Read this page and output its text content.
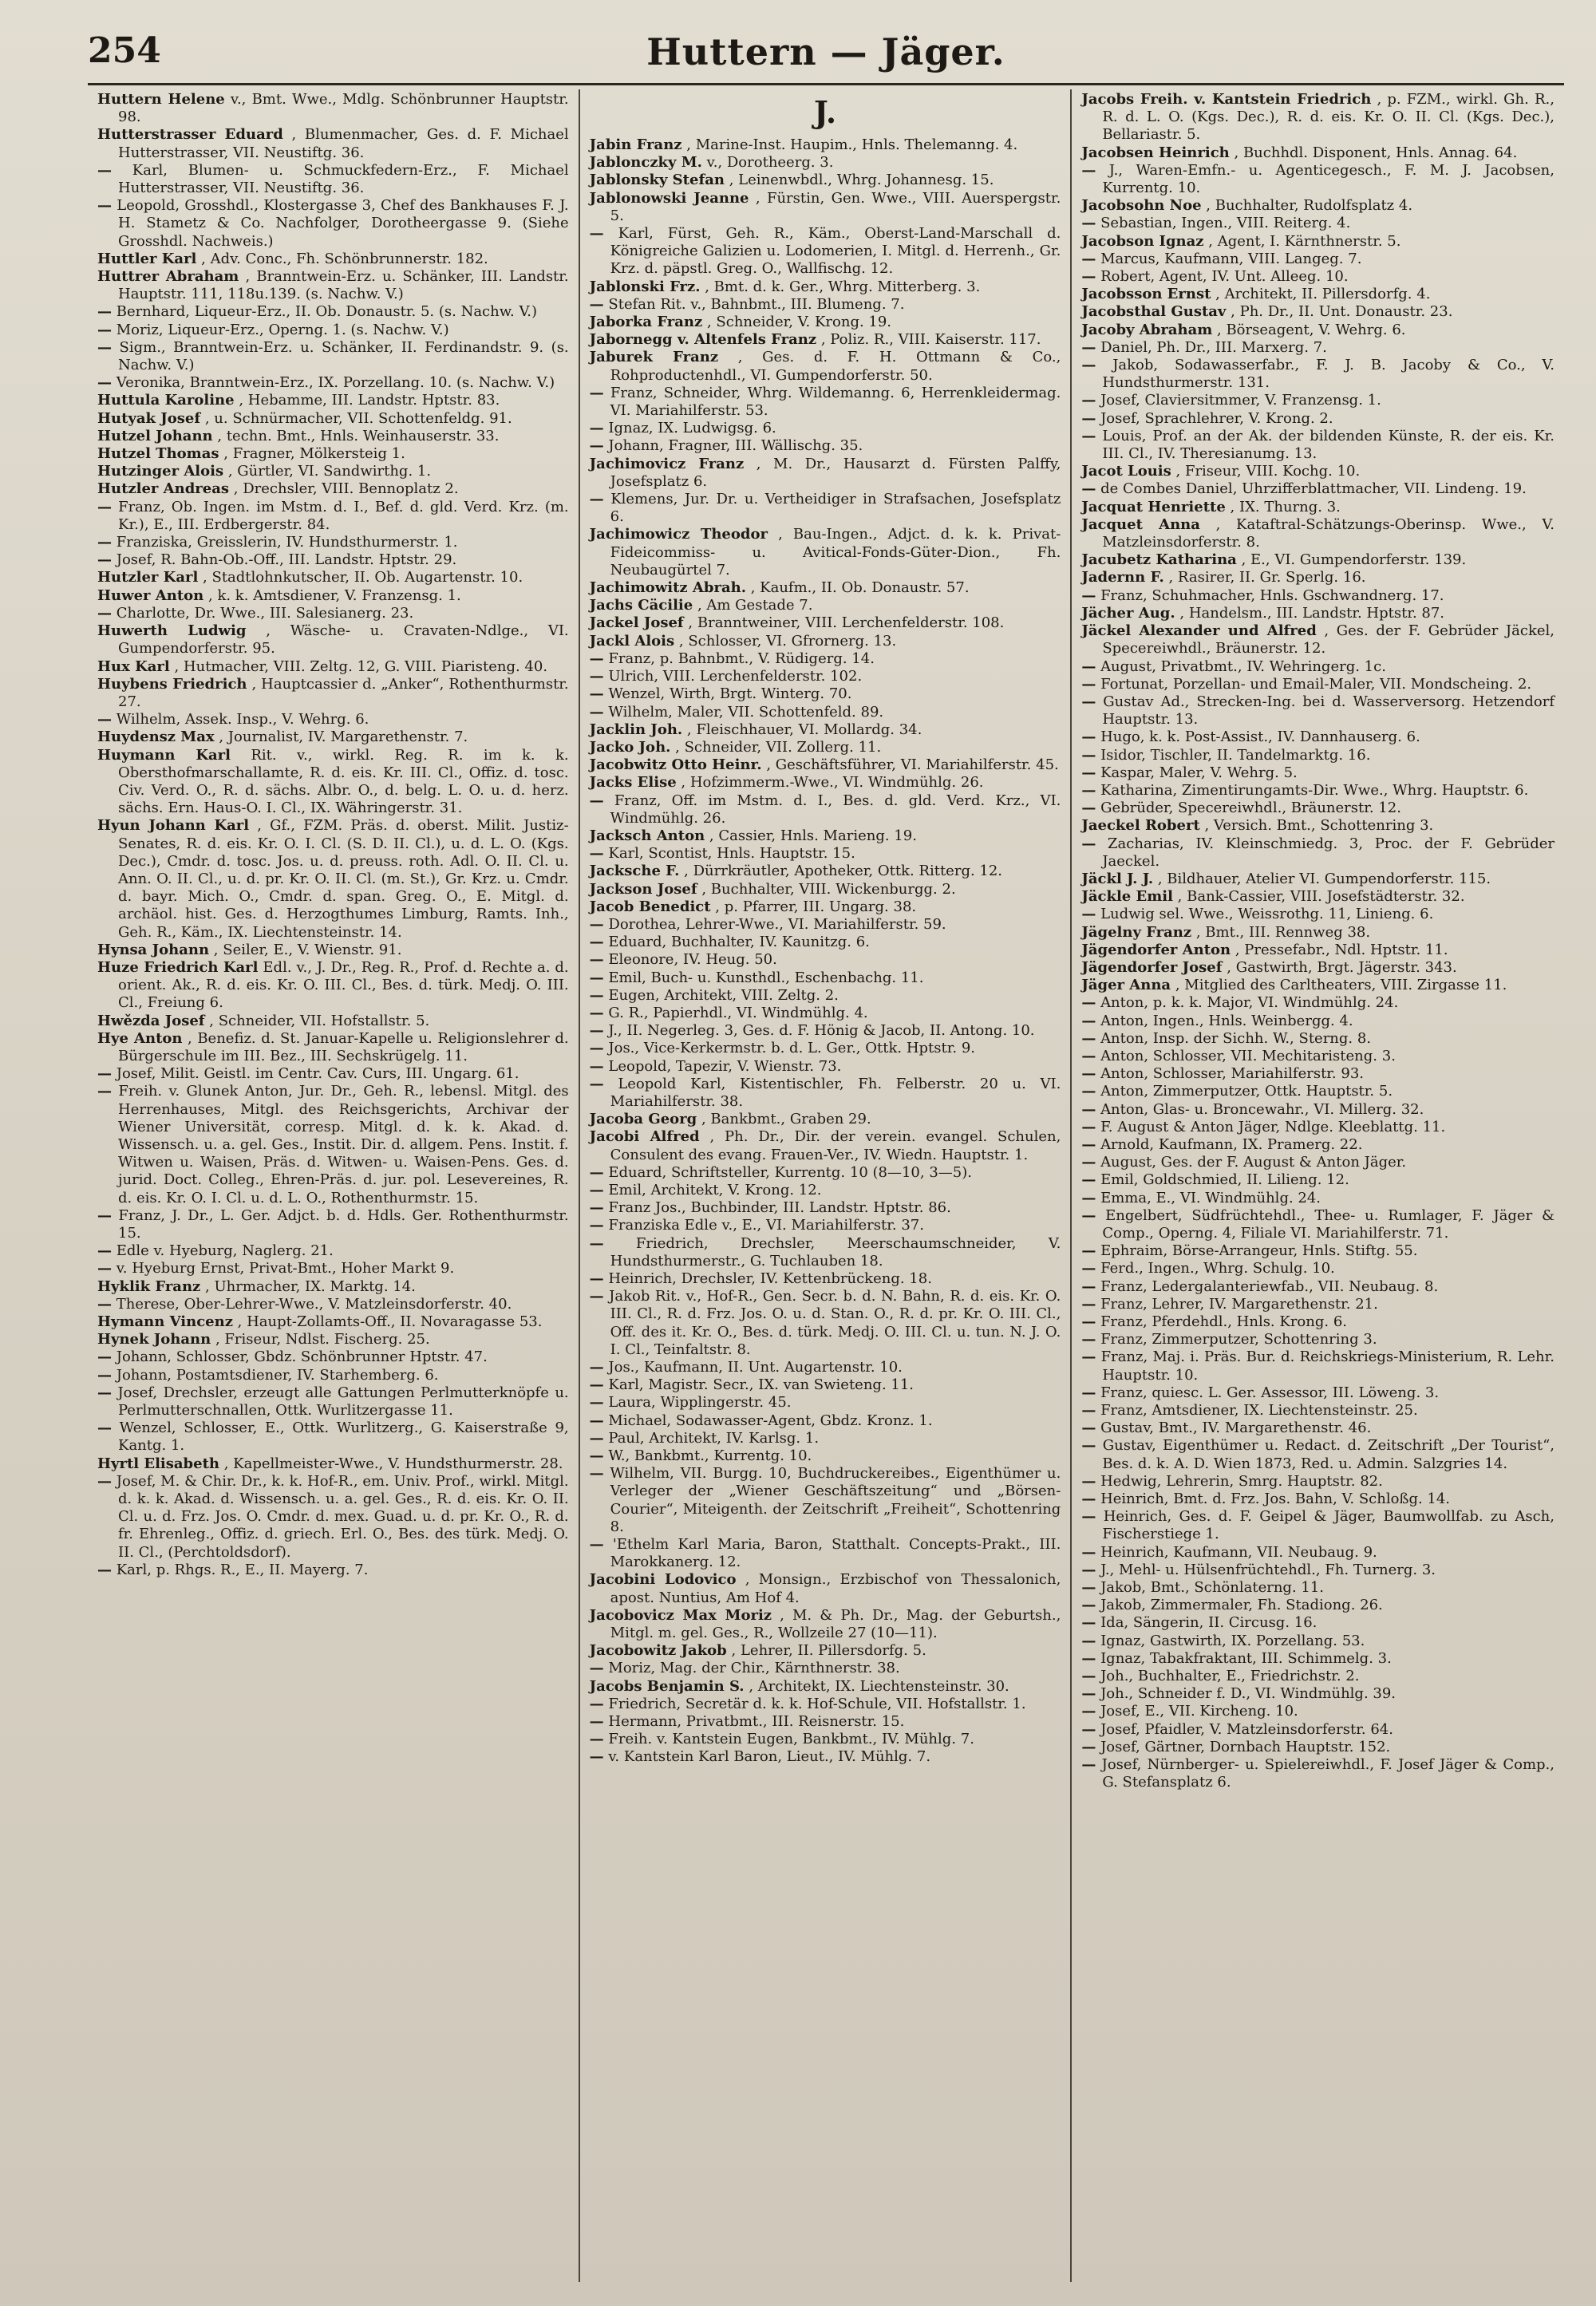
254	Huttern — Jäger.

Huttern Helene v., Bmt. Wwe., Mdlg. Schönbrunner Hauptstr. 98.

Hutterstrasser Eduard , Blumenmacher, Ges. d. F. Michael Hutterstrasser, VII. Neustiftg. 36.

— Karl, Blumen- u. Schmuckfedern-Erz., F. Michael Hutterstrasser, VII. Neustiftg. 36.

— Leopold, Grosshdl., Klostergasse 3, Chef des Bankhauses F. J. H. Stametz & Co. Nachfolger, Dorotheergasse 9. (Siehe Grosshdl. Nachweis.)

Huttler Karl , Adv. Conc., Fh. Schönbrunnerstr. 182.

Huttrer Abraham , Branntwein-Erz. u. Schänker, III. Landstr. Hauptstr. 111, 118u.139. (s. Nachw. V.)

— Bernhard, Liqueur-Erz., II. Ob. Donaustr. 5. (s. Nachw. V.)

— Moriz, Liqueur-Erz., Operng. 1. (s. Nachw. V.)

— Sigm., Branntwein-Erz. u. Schänker, II. Ferdinandstr. 9. (s. Nachw. V.)

— Veronika, Branntwein-Erz., IX. Porzellang. 10. (s. Nachw. V.)

Huttula Karoline , Hebamme, III. Landstr. Hptstr. 83.

Hutyak Josef , u. Schnürmacher, VII. Schottenfeldg. 91.

Hutzel Johann , techn. Bmt., Hnls. Weinhauserstr. 33.

Hutzel Thomas , Fragner, Mölkersteig 1.

Hutzinger Alois , Gürtler, VI. Sandwirthg. 1.

Hutzler Andreas , Drechsler, VIII. Bennoplatz 2.

— Franz, Ob. Ingen. im Mstm. d. I., Bef. d. gld. Verd. Krz. (m. Kr.), E., III. Erdbergerstr. 84.

— Franziska, Greisslerin, IV. Hundsthurmerstr. 1.

— Josef, R. Bahn-Ob.-Off., III. Landstr. Hptstr. 29.

Hutzler Karl , Stadtlohnkutscher, II. Ob. Augartenstr. 10.

Huwer Anton , k. k. Amtsdiener, V. Franzensg. 1.

— Charlotte, Dr. Wwe., III. Salesianerg. 23.

Huwerth Ludwig , Wäsche- u. Cravaten-Ndlge., VI. Gumpendorferstr. 95.

Hux Karl , Hutmacher, VIII. Zeltg. 12, G. VIII. Piaristeng. 40.

Huybens Friedrich , Hauptcassier d. „Anker“, Rothenthurmstr. 27.

— Wilhelm, Assek. Insp., V. Wehrg. 6.

Huydensz Max , Journalist, IV. Margarethenstr. 7.

Huymann Karl Rit. v., wirkl. Reg. R. im k. k. Obersthofmarschallamte, R. d. eis. Kr. III. Cl., Offiz. d. tosc. Civ. Verd. O., R. d. sächs. Albr. O., d. belg. L. O. u. d. herz. sächs. Ern. Haus-O. I. Cl., IX. Währingerstr. 31.

Hyun Johann Karl , Gf., FZM. Präs. d. oberst. Milit. Justiz-Senates, R. d. eis. Kr. O. I. Cl. (S. D. II. Cl.), u. d. L. O. (Kgs. Dec.), Cmdr. d. tosc. Jos. u. d. preuss. roth. Adl. O. II. Cl. u. Ann. O. II. Cl., u. d. pr. Kr. O. II. Cl. (m. St.), Gr. Krz. u. Cmdr. d. bayr. Mich. O., Cmdr. d. span. Greg. O., E. Mitgl. d. archäol. hist. Ges. d. Herzogthumes Limburg, Ramts. Inh., Geh. R., Käm., IX. Liechtensteinstr. 14.

Hynsa Johann , Seiler, E., V. Wienstr. 91.

Huze Friedrich Karl Edl. v., J. Dr., Reg. R., Prof. d. Rechte a. d. orient. Ak., R. d. eis. Kr. O. III. Cl., Bes. d. türk. Medj. O. III. Cl., Freiung 6.

Hwězda Josef , Schneider, VII. Hofstallstr. 5.

Hye Anton , Benefiz. d. St. Januar-Kapelle u. Religionslehrer d. Bürgerschule im III. Bez., III. Sechskrügelg. 11.

— Josef, Milit. Geistl. im Centr. Cav. Curs, III. Ungarg. 61.

— Freih. v. Glunek Anton, Jur. Dr., Geh. R., lebensl. Mitgl. des Herrenhauses, Mitgl. des Reichsgerichts, Archivar der Wiener Universität, corresp. Mitgl. d. k. k. Akad. d. Wissensch. u. a. gel. Ges., Instit. Dir. d. allgem. Pens. Instit. f. Witwen u. Waisen, Präs. d. Witwen- u. Waisen-Pens. Ges. d. jurid. Doct. Colleg., Ehren-Präs. d. jur. pol. Lesevereines, R. d. eis. Kr. O. I. Cl. u. d. L. O., Rothenthurmstr. 15.

— Franz, J. Dr., L. Ger. Adjct. b. d. Hdls. Ger. Rothenthurmstr. 15.

— Edle v. Hyeburg, Naglerg. 21.

— v. Hyeburg Ernst, Privat-Bmt., Hoher Markt 9.

Hyklik Franz , Uhrmacher, IX. Marktg. 14.

— Therese, Ober-Lehrer-Wwe., V. Matzleinsdorferstr. 40.

Hymann Vincenz , Haupt-Zollamts-Off., II. Novaragasse 53.

Hynek Johann , Friseur, Ndlst. Fischerg. 25.

— Johann, Schlosser, Gbdz. Schönbrunner Hptstr. 47.

— Johann, Postamtsdiener, IV. Starhemberg. 6.

— Josef, Drechsler, erzeugt alle Gattungen Perlmutterknöpfe u. Perlmutterschnallen, Ottk. Wurlitzergasse 11.

— Wenzel, Schlosser, E., Ottk. Wurlitzerg., G. Kaiserstraße 9, Kantg. 1.

Hyrtl Elisabeth , Kapellmeister-Wwe., V. Hundsthurmerstr. 28.

— Josef, M. & Chir. Dr., k. k. Hof-R., em. Univ. Prof., wirkl. Mitgl. d. k. k. Akad. d. Wissensch. u. a. gel. Ges., R. d. eis. Kr. O. II. Cl. u. d. Frz. Jos. O. Cmdr. d. mex. Guad. u. d. pr. Kr. O., R. d. fr. Ehrenleg., Offiz. d. griech. Erl. O., Bes. des türk. Medj. O. II. Cl., (Perchtoldsdorf).

— Karl, p. Rhgs. R., E., II. Mayerg. 7.

J.

Jabin Franz , Marine-Inst. Haupim., Hnls. Thelemanng. 4.

Jablonczky M. v., Dorotheerg. 3.

Jablonsky Stefan , Leinenwbdl., Whrg. Johannesg. 15.

Jablonowski Jeanne , Fürstin, Gen. Wwe., VIII. Auerspergstr. 5.

— Karl, Fürst, Geh. R., Käm., Oberst-Land-Marschall d. Königreiche Galizien u. Lodomerien, I. Mitgl. d. Herrenh., Gr. Krz. d. päpstl. Greg. O., Wallfischg. 12.

Jablonski Frz. , Bmt. d. k. Ger., Whrg. Mitterberg. 3.

— Stefan Rit. v., Bahnbmt., III. Blumeng. 7.

Jaborka Franz , Schneider, V. Krong. 19.

Jabornegg v. Altenfels Franz , Poliz. R., VIII. Kaiserstr. 117.

Jaburek Franz , Ges. d. F. H. Ottmann & Co., Rohproductenhdl., VI. Gumpendorferstr. 50.

— Franz, Schneider, Whrg. Wildemanng. 6, Herrenkleidermag. VI. Mariahilferstr. 53.

— Ignaz, IX. Ludwigsg. 6.

— Johann, Fragner, III. Wällischg. 35.

Jachimovicz Franz , M. Dr., Hausarzt d. Fürsten Palffy, Josefsplatz 6.

— Klemens, Jur. Dr. u. Vertheidiger in Strafsachen, Josefsplatz 6.

Jachimowicz Theodor , Bau-Ingen., Adjct. d. k. k. Privat-Fideicommiss- u. Avitical-Fonds-Güter-Dion., Fh. Neubaugürtel 7.

Jachimowitz Abrah. , Kaufm., II. Ob. Donaustr. 57.

Jachs Cäcilie , Am Gestade 7.

Jackel Josef , Branntweiner, VIII. Lerchenfelderstr. 108.

Jackl Alois , Schlosser, VI. Gfrornerg. 13.

— Franz, p. Bahnbmt., V. Rüdigerg. 14.

— Ulrich, VIII. Lerchenfelderstr. 102.

— Wenzel, Wirth, Brgt. Winterg. 70.

— Wilhelm, Maler, VII. Schottenfeld. 89.

Jacklin Joh. , Fleischhauer, VI. Mollardg. 34.

Jacko Joh. , Schneider, VII. Zollerg. 11.

Jacobwitz Otto Heinr. , Geschäftsführer, VI. Mariahilferstr. 45.

Jacks Elise , Hofzimmerm.-Wwe., VI. Windmühlg. 26.

— Franz, Off. im Mstm. d. I., Bes. d. gld. Verd. Krz., VI. Windmühlg. 26.

Jacksch Anton , Cassier, Hnls. Marieng. 19.

— Karl, Scontist, Hnls. Hauptstr. 15.

Jacksche F. , Dürrkräutler, Apotheker, Ottk. Ritterg. 12.

Jackson Josef , Buchhalter, VIII. Wickenburgg. 2.

Jacob Benedict , p. Pfarrer, III. Ungarg. 38.

— Dorothea, Lehrer-Wwe., VI. Mariahilferstr. 59.

— Eduard, Buchhalter, IV. Kaunitzg. 6.

— Eleonore, IV. Heug. 50.

— Emil, Buch- u. Kunsthdl., Eschenbachg. 11.

— Eugen, Architekt, VIII. Zeltg. 2.

— G. R., Papierhdl., VI. Windmühlg. 4.

— J., II. Negerleg. 3, Ges. d. F. Hönig & Jacob, II. Antong. 10.

— Jos., Vice-Kerkermstr. b. d. L. Ger., Ottk. Hptstr. 9.

— Leopold, Tapezir, V. Wienstr. 73.

— Leopold Karl, Kistentischler, Fh. Felberstr. 20 u. VI. Mariahilferstr. 38.

Jacoba Georg , Bankbmt., Graben 29.

Jacobi Alfred , Ph. Dr., Dir. der verein. evangel. Schulen, Consulent des evang. Frauen-Ver., IV. Wiedn. Hauptstr. 1.

— Eduard, Schriftsteller, Kurrentg. 10 (8—10, 3—5).

— Emil, Architekt, V. Krong. 12.

— Franz Jos., Buchbinder, III. Landstr. Hptstr. 86.

— Franziska Edle v., E., VI. Mariahilferstr. 37.

— Friedrich, Drechsler, Meerschaumschneider, V. Hundsthurmerstr., G. Tuchlauben 18.

— Heinrich, Drechsler, IV. Kettenbrückeng. 18.

— Jakob Rit. v., Hof-R., Gen. Secr. b. d. N. Bahn, R. d. eis. Kr. O. III. Cl., R. d. Frz. Jos. O. u. d. Stan. O., R. d. pr. Kr. O. III. Cl., Off. des it. Kr. O., Bes. d. türk. Medj. O. III. Cl. u. tun. N. J. O. I. Cl., Teinfaltstr. 8.

— Jos., Kaufmann, II. Unt. Augartenstr. 10.

— Karl, Magistr. Secr., IX. van Swieteng. 11.

— Laura, Wipplingerstr. 45.

— Michael, Sodawasser-Agent, Gbdz. Kronz. 1.

— Paul, Architekt, IV. Karlsg. 1.

— W., Bankbmt., Kurrentg. 10.

— Wilhelm, VII. Burgg. 10, Buchdruckereibes., Eigenthümer u. Verleger der „Wiener Geschäftszeitung“ und „Börsen-Courier“, Miteigenth. der Zeitschrift „Freiheit“, Schottenring 8.

— 'Ethelm Karl Maria, Baron, Statthalt. Concepts-Prakt., III. Marokkanerg. 12.

Jacobini Lodovico , Monsign., Erzbischof von Thessalonich, apost. Nuntius, Am Hof 4.

Jacobovicz Max Moriz , M. & Ph. Dr., Mag. der Geburtsh., Mitgl. m. gel. Ges., R., Wollzeile 27 (10—11).

Jacobowitz Jakob , Lehrer, II. Pillersdorfg. 5.

— Moriz, Mag. der Chir., Kärnthnerstr. 38.

Jacobs Benjamin S. , Architekt, IX. Liechtensteinstr. 30.

— Friedrich, Secretär d. k. k. Hof-Schule, VII. Hofstallstr. 1.

— Hermann, Privatbmt., III. Reisnerstr. 15.

— Freih. v. Kantstein Eugen, Bankbmt., IV. Mühlg. 7.

— v. Kantstein Karl Baron, Lieut., IV. Mühlg. 7.

Jacobs Freih. v. Kantstein Friedrich , p. FZM., wirkl. Gh. R., R. d. L. O. (Kgs. Dec.), R. d. eis. Kr. O. II. Cl. (Kgs. Dec.), Bellariastr. 5.

Jacobsen Heinrich , Buchhdl. Disponent, Hnls. Annag. 64.

— J., Waren-Emfn.- u. Agenticegesch., F. M. J. Jacobsen, Kurrentg. 10.

Jacobsohn Noe , Buchhalter, Rudolfsplatz 4.

— Sebastian, Ingen., VIII. Reiterg. 4.

Jacobson Ignaz , Agent, I. Kärnthnerstr. 5.

— Marcus, Kaufmann, VIII. Langeg. 7.

— Robert, Agent, IV. Unt. Alleeg. 10.

Jacobsson Ernst , Architekt, II. Pillersdorfg. 4.

Jacobsthal Gustav , Ph. Dr., II. Unt. Donaustr. 23.

Jacoby Abraham , Börseagent, V. Wehrg. 6.

— Daniel, Ph. Dr., III. Marxerg. 7.

— Jakob, Sodawasserfabr., F. J. B. Jacoby & Co., V. Hundsthurmerstr. 131.

— Josef, Claviersitmmer, V. Franzensg. 1.

— Josef, Sprachlehrer, V. Krong. 2.

— Louis, Prof. an der Ak. der bildenden Künste, R. der eis. Kr. III. Cl., IV. Theresianumg. 13.

Jacot Louis , Friseur, VIII. Kochg. 10.

— de Combes Daniel, Uhrzifferblattmacher, VII. Lindeng. 19.

Jacquat Henriette , IX. Thurng. 3.

Jacquet Anna , Kataftral-Schätzungs-Oberinsp. Wwe., V. Matzleinsdorferstr. 8.

Jacubetz Katharina , E., VI. Gumpendorferstr. 139.

Jadernn F. , Rasirer, II. Gr. Sperlg. 16.

— Franz, Schuhmacher, Hnls. Gschwandnerg. 17.

Jächer Aug. , Handelsm., III. Landstr. Hptstr. 87.

Jäckel Alexander und Alfred , Ges. der F. Gebrüder Jäckel, Specereiwhdl., Bräunerstr. 12.

— August, Privatbmt., IV. Wehringerg. 1c.

— Fortunat, Porzellan- und Email-Maler, VII. Mondscheing. 2.

— Gustav Ad., Strecken-Ing. bei d. Wasserversorg. Hetzendorf Hauptstr. 13.

— Hugo, k. k. Post-Assist., IV. Dannhauserg. 6.

— Isidor, Tischler, II. Tandelmarktg. 16.

— Kaspar, Maler, V. Wehrg. 5.

— Katharina, Zimentirungamts-Dir. Wwe., Whrg. Hauptstr. 6.

— Gebrüder, Specereiwhdl., Bräunerstr. 12.

Jaeckel Robert , Versich. Bmt., Schottenring 3.

— Zacharias, IV. Kleinschmiedg. 3, Proc. der F. Gebrüder Jaeckel.

Jäckl J. J. , Bildhauer, Atelier VI. Gumpendorferstr. 115.

Jäckle Emil , Bank-Cassier, VIII. Josefstädterstr. 32.

— Ludwig sel. Wwe., Weissrothg. 11, Linieng. 6.

Jägelny Franz , Bmt., III. Rennweg 38.

Jägendorfer Anton , Pressefabr., Ndl. Hptstr. 11.

Jägendorfer Josef , Gastwirth, Brgt. Jägerstr. 343.

Jäger Anna , Mitglied des Carltheaters, VIII. Zirgasse 11.

— Anton, p. k. k. Major, VI. Windmühlg. 24.

— Anton, Ingen., Hnls. Weinbergg. 4.

— Anton, Insp. der Sichh. W., Sterng. 8.

— Anton, Schlosser, VII. Mechitaristeng. 3.

— Anton, Schlosser, Mariahilferstr. 93.

— Anton, Zimmerputzer, Ottk. Hauptstr. 5.

— Anton, Glas- u. Broncewahr., VI. Millerg. 32.

— F. August & Anton Jäger, Ndlge. Kleeblattg. 11.

— Arnold, Kaufmann, IX. Pramerg. 22.

— August, Ges. der F. August & Anton Jäger.

— Emil, Goldschmied, II. Lilieng. 12.

— Emma, E., VI. Windmühlg. 24.

— Engelbert, Südfrüchtehdl., Thee- u. Rumlager, F. Jäger & Comp., Operng. 4, Filiale VI. Mariahilferstr. 71.

— Ephraim, Börse-Arrangeur, Hnls. Stiftg. 55.

— Ferd., Ingen., Whrg. Schulg. 10.

— Franz, Ledergalanteriewfab., VII. Neubaug. 8.

— Franz, Lehrer, IV. Margarethenstr. 21.

— Franz, Pferdehdl., Hnls. Krong. 6.

— Franz, Zimmerputzer, Schottenring 3.

— Franz, Maj. i. Präs. Bur. d. Reichskriegs-Ministerium, R. Lehr. Hauptstr. 10.

— Franz, quiesc. L. Ger. Assessor, III. Löweng. 3.

— Franz, Amtsdiener, IX. Liechtensteinstr. 25.

— Gustav, Bmt., IV. Margarethenstr. 46.

— Gustav, Eigenthümer u. Redact. d. Zeitschrift „Der Tourist“, Bes. d. k. A. D. Wien 1873, Red. u. Admin. Salzgries 14.

— Hedwig, Lehrerin, Smrg. Hauptstr. 82.

— Heinrich, Bmt. d. Frz. Jos. Bahn, V. Schloßg. 14.

— Heinrich, Ges. d. F. Geipel & Jäger, Baumwollfab. zu Asch, Fischerstiege 1.

— Heinrich, Kaufmann, VII. Neubaug. 9.

— J., Mehl- u. Hülsenfrüchtehdl., Fh. Turnerg. 3.

— Jakob, Bmt., Schönlaterng. 11.

— Jakob, Zimmermaler, Fh. Stadiong. 26.

— Ida, Sängerin, II. Circusg. 16.

— Ignaz, Gastwirth, IX. Porzellang. 53.

— Ignaz, Tabakfraktant, III. Schimmelg. 3.

— Joh., Buchhalter, E., Friedrichstr. 2.

— Joh., Schneider f. D., VI. Windmühlg. 39.

— Josef, E., VII. Kircheng. 10.

— Josef, Pfaidler, V. Matzleinsdorferstr. 64.

— Josef, Gärtner, Dornbach Hauptstr. 152.

— Josef, Nürnberger- u. Spielereiwhdl., F. Josef Jäger & Comp., G. Stefansplatz 6.
